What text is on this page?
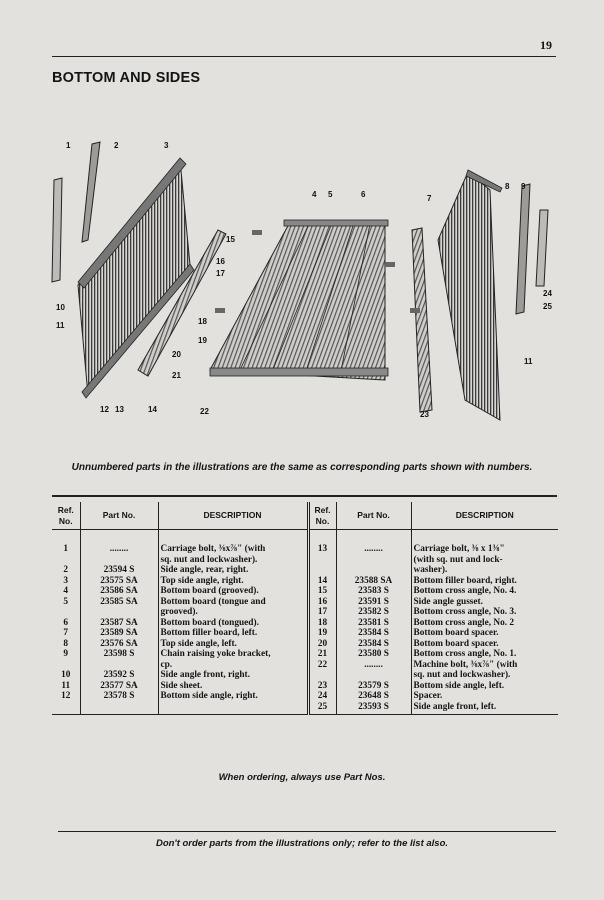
19
BOTTOM AND SIDES
1	2	3
4 5	6	7
8 9
10
11
12 13	14
15
16
17
18
19
20
21
22	23
24
25
11
Unnumbered parts in the illustrations are the same as corresponding parts shown with numbers.
Ref. No.	Part No.	DESCRIPTION	Ref. No.	Part No.	DESCRIPTION
1	........	Carriage bolt, ⅜x⅞" (with	13	........	Carriage bolt, ⅜ x 1⅜"
		sq. nut and lockwasher).			(with sq. nut and lock-
2	23594 S	Side angle, rear, right.			washer).
3	23575 SA	Top side angle, right.	14	23588 SA	Bottom filler board, right.
4	23586 SA	Bottom board (grooved).	15	23583 S	Bottom cross angle, No. 4.
5	23585 SA	Bottom board (tongue and	16	23591 S	Side angle gusset.
		grooved).	17	23582 S	Bottom cross angle, No. 3.
6	23587 SA	Bottom board (tongued).	18	23581 S	Bottom cross angle, No. 2
7	23589 SA	Bottom filler board, left.	19	23584 S	Bottom board spacer.
8	23576 SA	Top side angle, left.	20	23584 S	Bottom board spacer.
9	23598 S	Chain raising yoke bracket,	21	23580 S	Bottom cross angle, No. 1.
		cp.	22	........	Machine bolt, ⅜x⅞" (with
10	23592 S	Side angle front, right.			sq. nut and lockwasher).
11	23577 SA	Side sheet.	23	23579 S	Bottom side angle, left.
12	23578 S	Bottom side angle, right.	24	23648 S	Spacer.
			25	23593 S	Side angle front, left.
When ordering, always use Part Nos.
Don't order parts from the illustrations only; refer to the list also.
